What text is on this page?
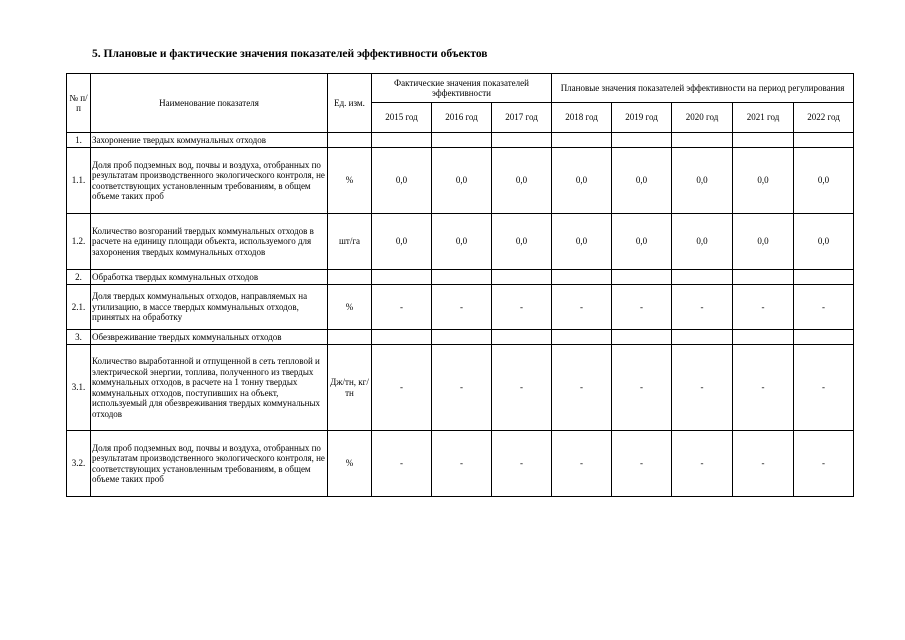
5. Плановые и фактические значения показателей эффективности объектов
№ п/п	Наименование показателя	Ед. изм.	Фактические значения показателей эффективности			Плановые значения показателей эффективности на период регулирования				
			2015 год	2016 год	2017 год	2018 год	2019 год	2020 год	2021 год	2022 год
1.	Захоронение твердых коммунальных отходов									
1.1.	Доля проб подземных вод, почвы и воздуха, отобранных по результатам производственного экологического контроля, не соответствующих установленным требованиям, в общем объеме таких проб	%	0,0	0,0	0,0	0,0	0,0	0,0	0,0	0,0
1.2.	Количество возгораний твердых коммунальных отходов в расчете на единицу площади объекта, используемого для захоронения твердых коммунальных отходов	шт/га	0,0	0,0	0,0	0,0	0,0	0,0	0,0	0,0
2.	Обработка твердых коммунальных отходов									
2.1.	Доля твердых коммунальных отходов, направляемых на утилизацию, в массе твердых коммунальных отходов, принятых на обработку	%	-	-	-	-	-	-	-	-
3.	Обезвреживание твердых коммунальных отходов									
3.1.	Количество выработанной и отпущенной в сеть тепловой и электрической энергии, топлива, полученного из твердых коммунальных отходов, в расчете на 1 тонну твердых коммунальных отходов, поступивших на объект, используемый для обезвреживания твердых коммунальных отходов	Дж/тн, кг/тн	-	-	-	-	-	-	-	-
3.2.	Доля проб подземных вод, почвы и воздуха, отобранных по результатам производственного экологического контроля, не соответствующих установленным требованиям, в общем объеме таких проб	%	-	-	-	-	-	-	-	-
